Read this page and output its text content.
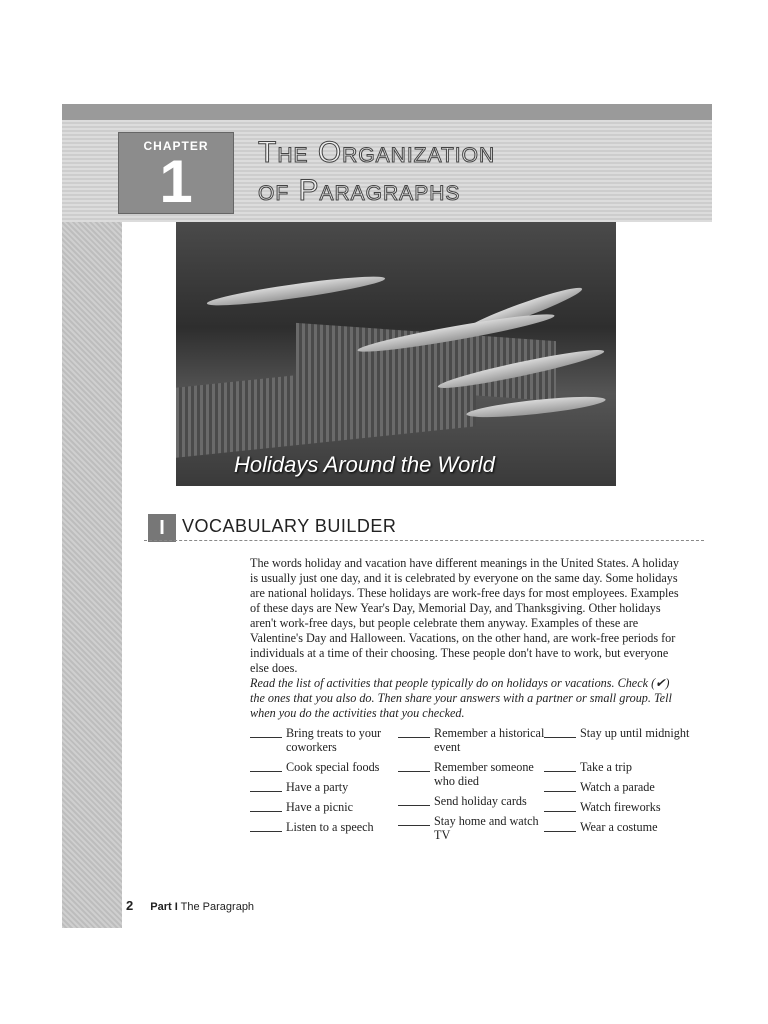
CHAPTER
1	The Organization
of Paragraphs
Holidays Around the World
I VOCABULARY BUILDER
The words holiday and vacation have different meanings in the United States. A holiday is usually just one day, and it is celebrated by everyone on the same day. Some holidays are national holidays. These holidays are work-free days for most employees. Examples of these days are New Year's Day, Memorial Day, and Thanksgiving. Other holidays aren't work-free days, but people celebrate them anyway. Examples of these are Valentine's Day and Halloween. Vacations, on the other hand, are work-free periods for individuals at a time of their choosing. These people don't have to work, but everyone else does.
Read the list of activities that people typically do on holidays or vacations. Check (✔) the ones that you also do. Then share your answers with a partner or small group. Tell when you do the activities that you checked.
Bring treats to your coworkers
Cook special foods
Have a party
Have a picnic
Listen to a speech
Remember a historical event
Remember someone who died
Send holiday cards
Stay home and watch TV
Stay up until midnight
Take a trip
Watch a parade
Watch fireworks
Wear a costume
2 Part I The Paragraph
